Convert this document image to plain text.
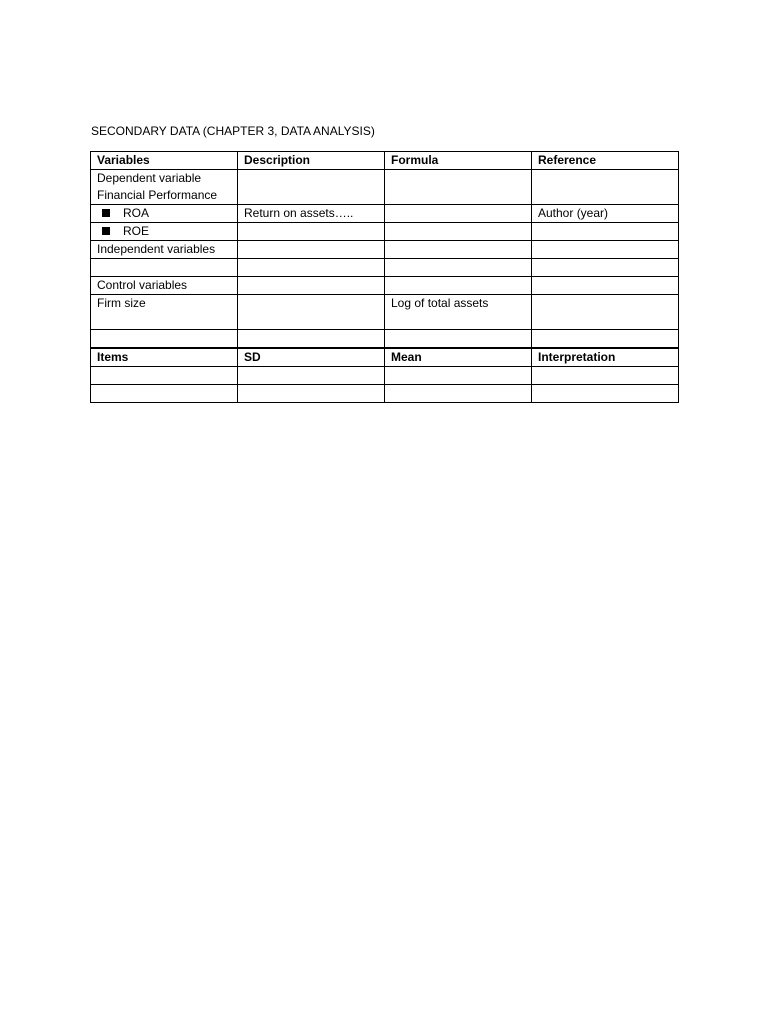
SECONDARY DATA (CHAPTER 3, DATA ANALYSIS)
Variables	Description	Formula	Reference

Dependent variable
Financial Performance			

ROA	Return on assets…..		Author (year)
ROE			
Independent variables			

Control variables			
Firm size		Log of total assets	

Items	SD	Mean	Interpretation
